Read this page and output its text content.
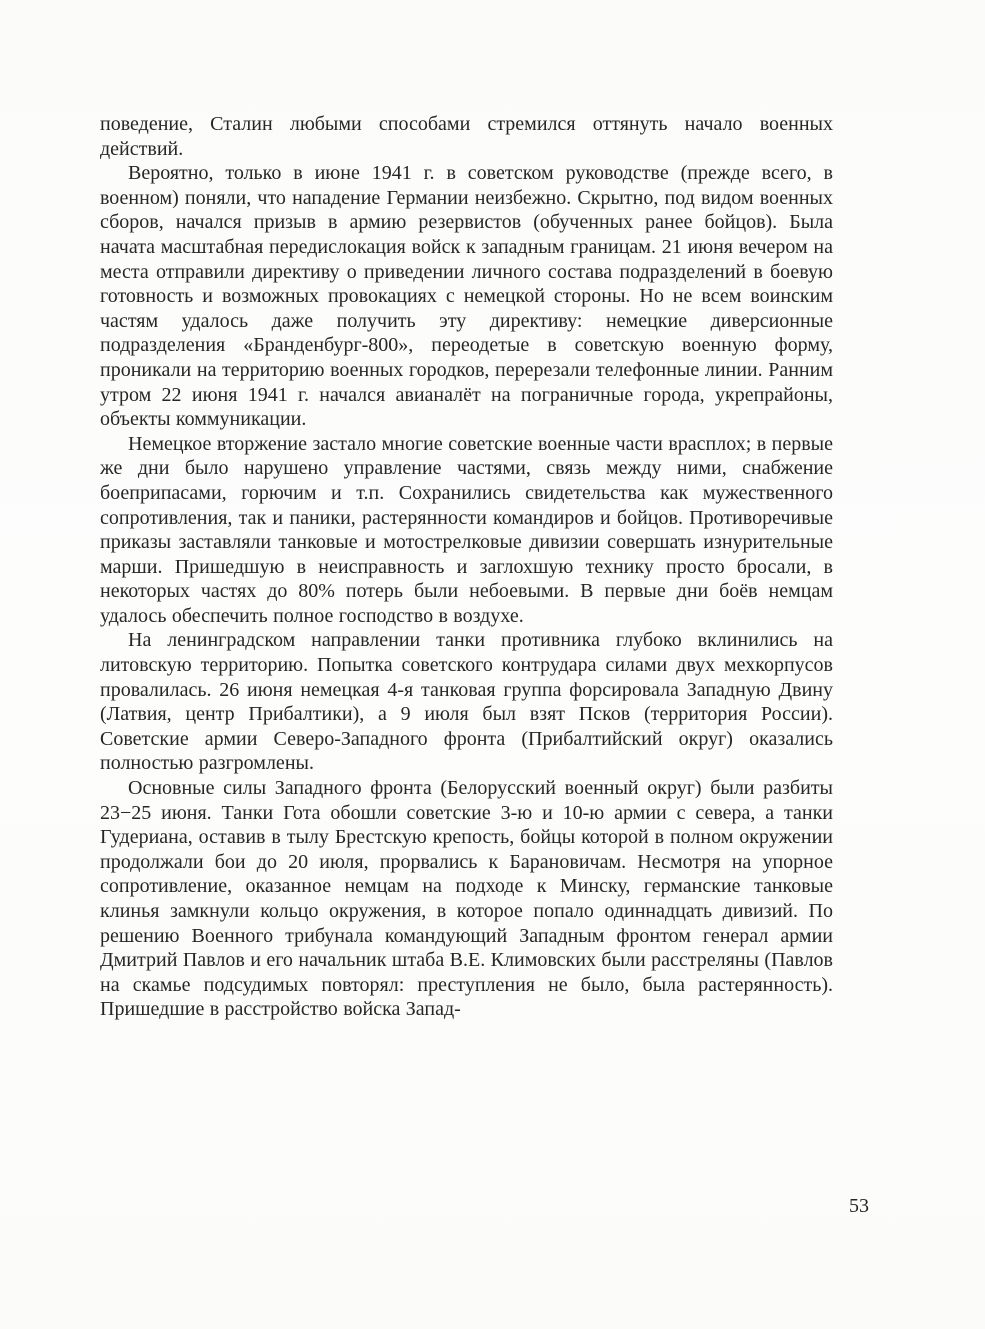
поведение, Сталин любыми способами стремился оттянуть начало военных действий.

Вероятно, только в июне 1941 г. в советском руководстве (прежде всего, в военном) поняли, что нападение Германии неизбежно. Скрытно, под видом военных сборов, начался призыв в армию резервистов (обученных ранее бойцов). Была начата масштабная передислокация войск к западным границам. 21 июня вечером на места отправили директиву о приведении личного состава подразделений в боевую готовность и возможных провокациях с немецкой стороны. Но не всем воинским частям удалось даже получить эту директиву: немецкие диверсионные подразделения «Бранденбург-800», переодетые в советскую военную форму, проникали на территорию военных городков, перерезали телефонные линии. Ранним утром 22 июня 1941 г. начался авианалёт на пограничные города, укрепрайоны, объекты коммуникации.

Немецкое вторжение застало многие советские военные части врасплох; в первые же дни было нарушено управление частями, связь между ними, снабжение боеприпасами, горючим и т.п. Сохранились свидетельства как мужественного сопротивления, так и паники, растерянности командиров и бойцов. Противоречивые приказы заставляли танковые и мотострелковые дивизии совершать изнурительные марши. Пришедшую в неисправность и заглохшую технику просто бросали, в некоторых частях до 80% потерь были небоевыми. В первые дни боёв немцам удалось обеспечить полное господство в воздухе.

На ленинградском направлении танки противника глубоко вклинились на литовскую территорию. Попытка советского контрудара силами двух мехкорпусов провалилась. 26 июня немецкая 4-я танковая группа форсировала Западную Двину (Латвия, центр Прибалтики), а 9 июля был взят Псков (территория России). Советские армии Северо-Западного фронта (Прибалтийский округ) оказались полностью разгромлены.

Основные силы Западного фронта (Белорусский военный округ) были разбиты 23−25 июня. Танки Гота обошли советские 3-ю и 10-ю армии с севера, а танки Гудериана, оставив в тылу Брестскую крепость, бойцы которой в полном окружении продолжали бои до 20 июля, прорвались к Барановичам. Несмотря на упорное сопротивление, оказанное немцам на подходе к Минску, германские танковые клинья замкнули кольцо окружения, в которое попало одиннадцать дивизий. По решению Военного трибунала командующий Западным фронтом генерал армии Дмитрий Павлов и его начальник штаба В.Е. Климовских были расстреляны (Павлов на скамье подсудимых повторял: преступления не было, была растерянность). Пришедшие в расстройство войска Запад-

53
